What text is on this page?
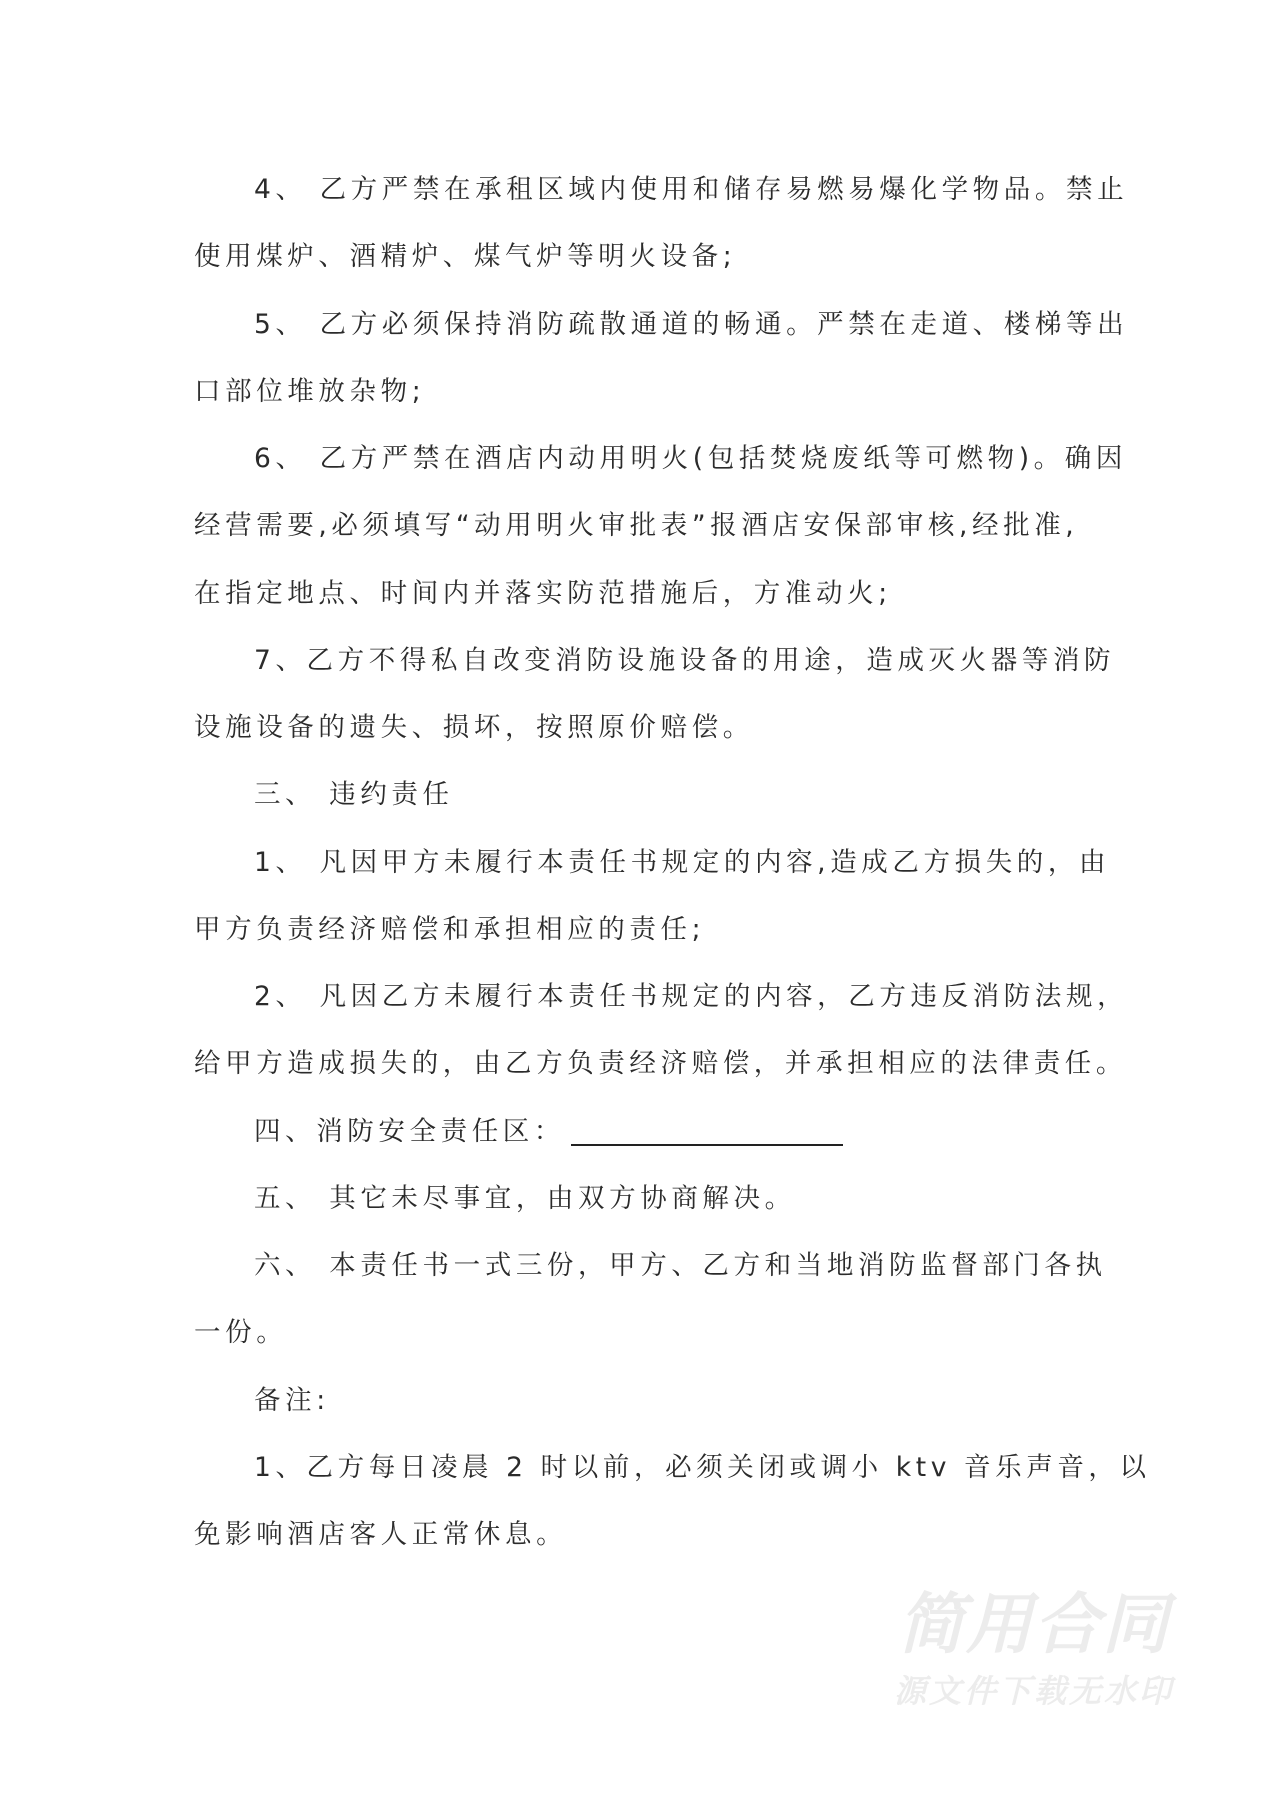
4、 乙方严禁在承租区域内使用和储存易燃易爆化学物品。禁止
使用煤炉、酒精炉、煤气炉等明火设备;

5、 乙方必须保持消防疏散通道的畅通。严禁在走道、楼梯等出
口部位堆放杂物;

6、 乙方严禁在酒店内动用明火(包括焚烧废纸等可燃物)。确因
经营需要,必须填写“动用明火审批表”报酒店安保部审核,经批准,
在指定地点、时间内并落实防范措施后，方准动火;

7、乙方不得私自改变消防设施设备的用途，造成灭火器等消防
设施设备的遗失、损坏，按照原价赔偿。

三、 违约责任

1、 凡因甲方未履行本责任书规定的内容,造成乙方损失的，由
甲方负责经济赔偿和承担相应的责任;

2、 凡因乙方未履行本责任书规定的内容，乙方违反消防法规，
给甲方造成损失的，由乙方负责经济赔偿，并承担相应的法律责任。

四、消防安全责任区：

五、 其它未尽事宜，由双方协商解决。

六、 本责任书一式三份，甲方、乙方和当地消防监督部门各执
一份。

备注:

1、乙方每日凌晨 2 时以前，必须关闭或调小 ktv 音乐声音，以
免影响酒店客人正常休息。

简用合同
源文件下载无水印
